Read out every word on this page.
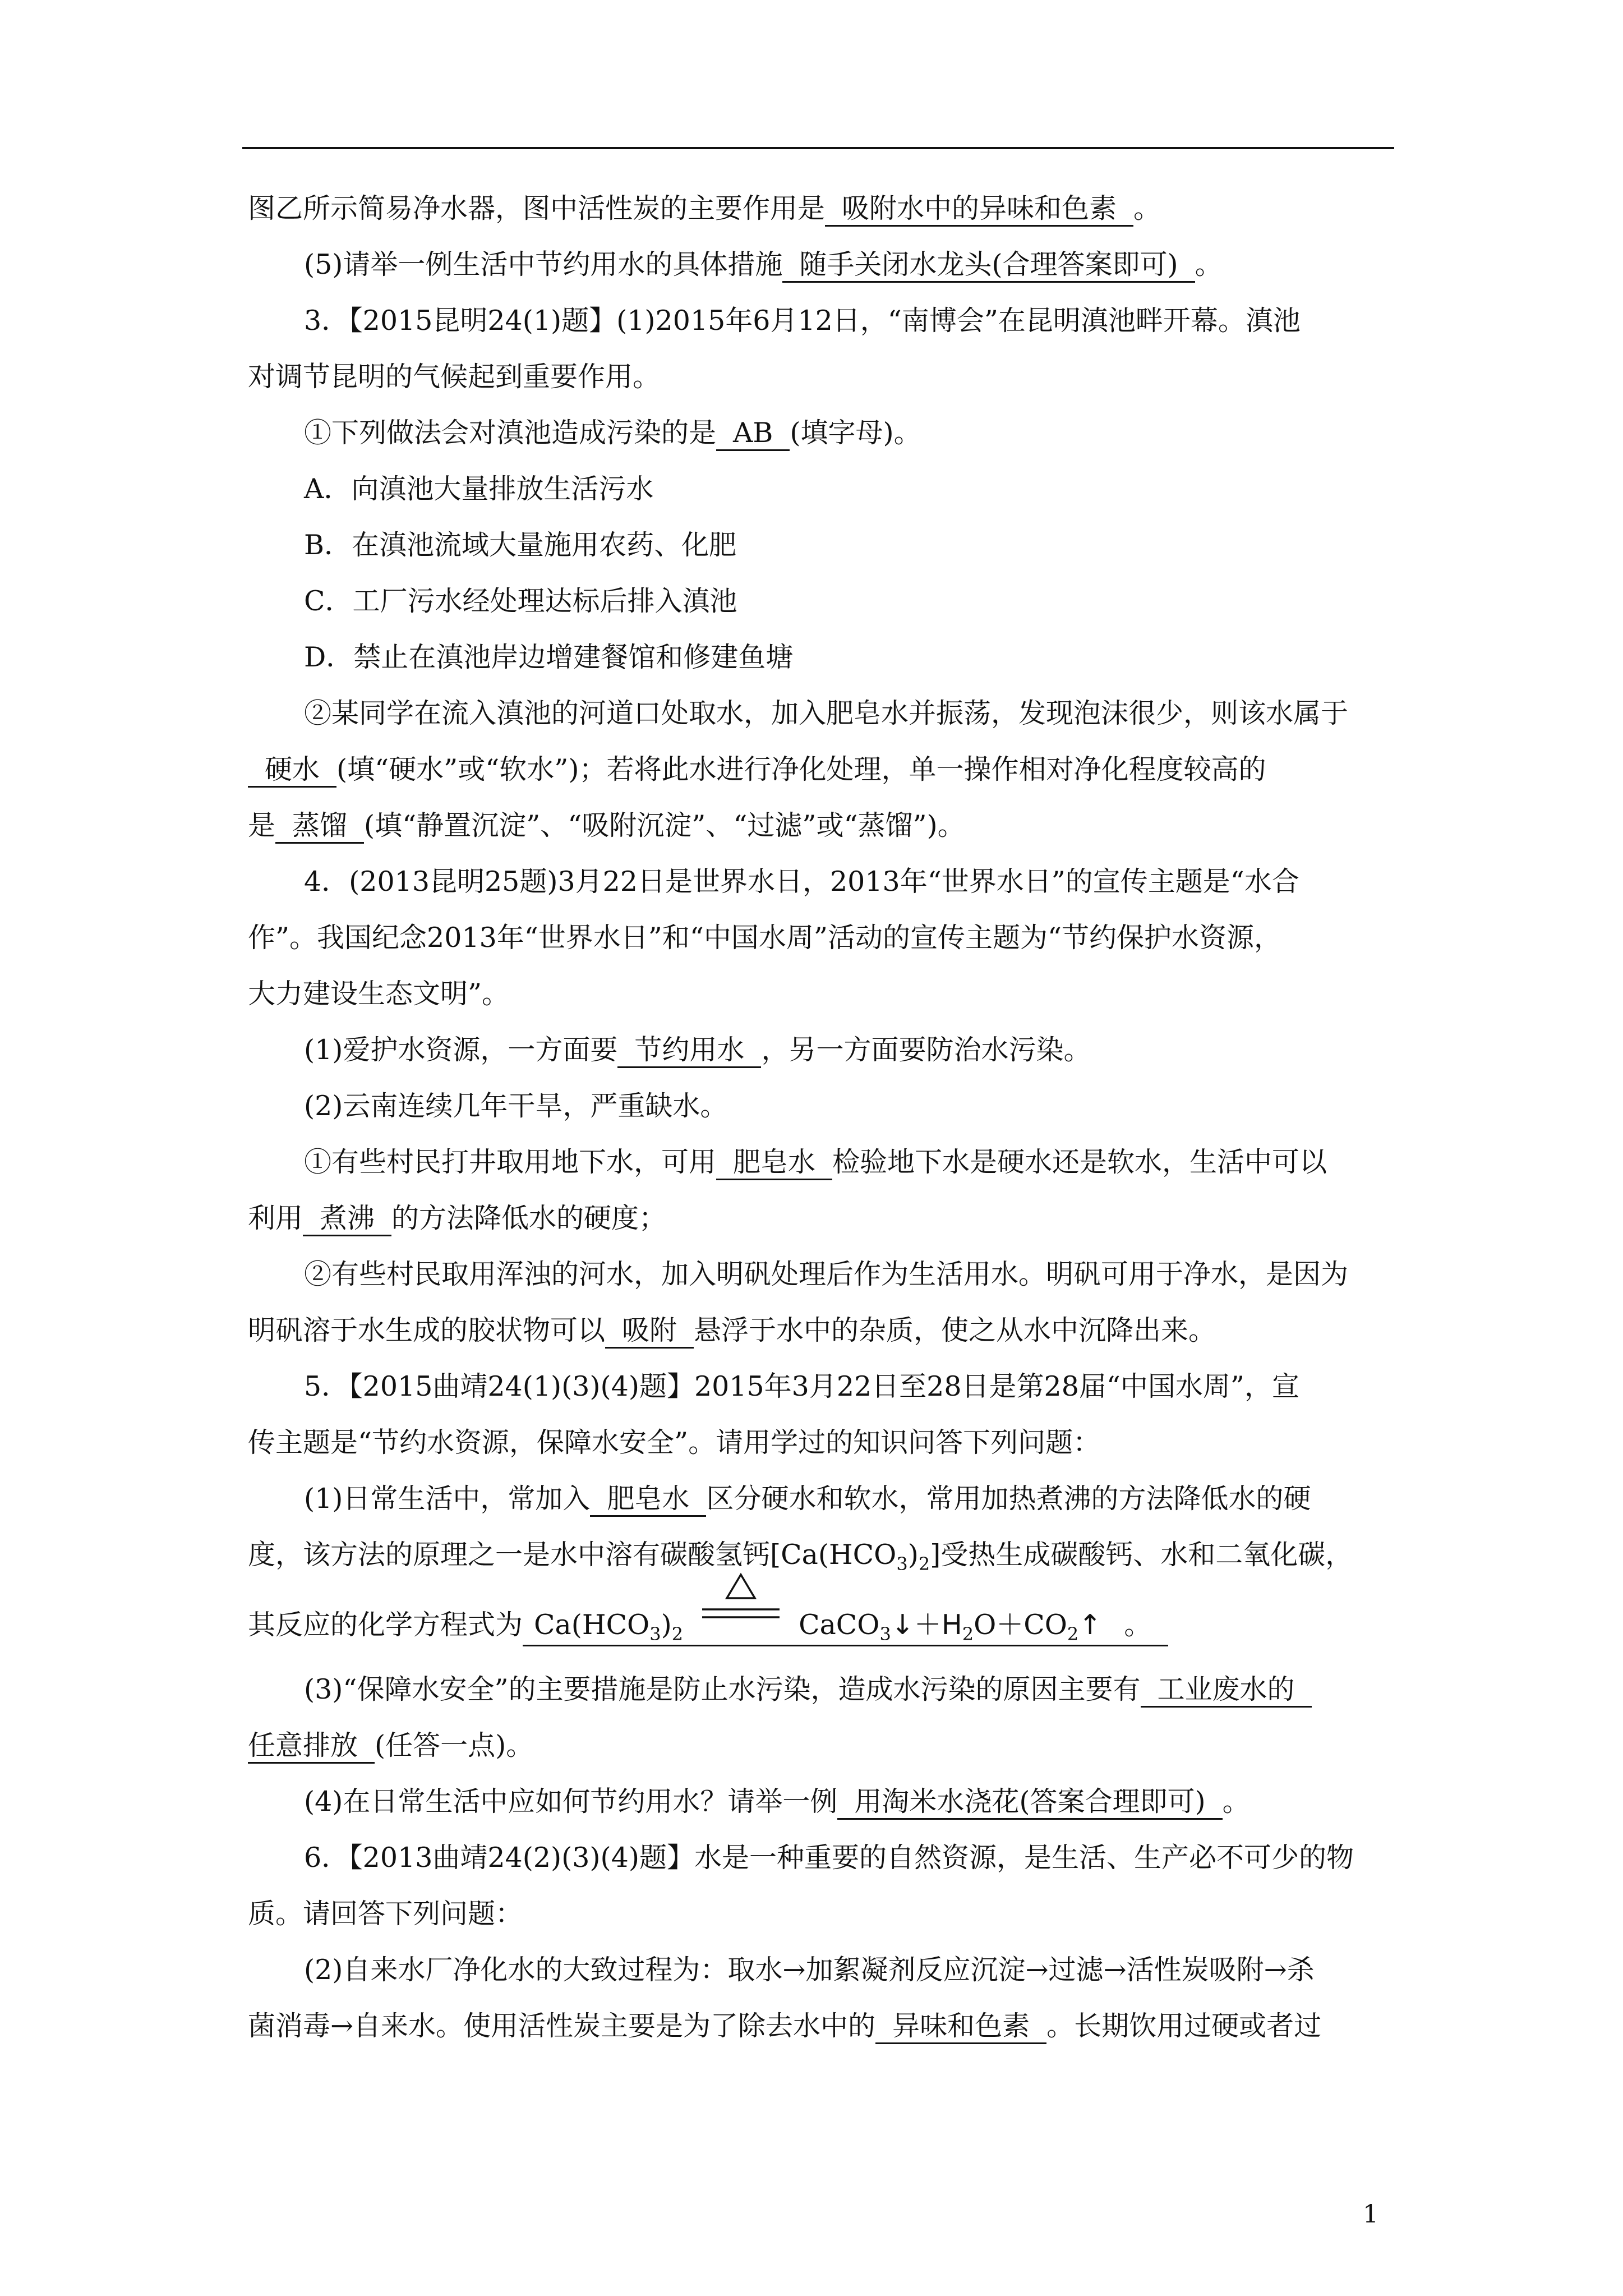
图乙所示简易净水器，图中活性炭的主要作用是 吸附水中的异味和色素 。
(5)请举一例生活中节约用水的具体措施 随手关闭水龙头(合理答案即可) 。
3．【2015昆明24(1)题】(1)2015年6月12日，“南博会”在昆明滇池畔开幕。滇池
对调节昆明的气候起到重要作用。
①下列做法会对滇池造成污染的是 AB (填字母)。
A．向滇池大量排放生活污水
B．在滇池流域大量施用农药、化肥
C．工厂污水经处理达标后排入滇池
D．禁止在滇池岸边增建餐馆和修建鱼塘
②某同学在流入滇池的河道口处取水，加入肥皂水并振荡，发现泡沫很少，则该水属于
硬水 (填“硬水”或“软水”)；若将此水进行净化处理，单一操作相对净化程度较高的
是 蒸馏 (填“静置沉淀”、“吸附沉淀”、“过滤”或“蒸馏”)。
4．(2013昆明25题)3月22日是世界水日，2013年“世界水日”的宣传主题是“水合
作”。我国纪念2013年“世界水日”和“中国水周”活动的宣传主题为“节约保护水资源，
大力建设生态文明”。
(1)爱护水资源，一方面要 节约用水 ，另一方面要防治水污染。
(2)云南连续几年干旱，严重缺水。
①有些村民打井取用地下水，可用 肥皂水 检验地下水是硬水还是软水，生活中可以
利用 煮沸 的方法降低水的硬度；
②有些村民取用浑浊的河水，加入明矾处理后作为生活用水。明矾可用于净水，是因为
明矾溶于水生成的胶状物可以 吸附 悬浮于水中的杂质，使之从水中沉降出来。
5．【2015曲靖24(1)(3)(4)题】2015年3月22日至28日是第28届“中国水周”，宣
传主题是“节约水资源，保障水安全”。请用学过的知识问答下列问题：
(1)日常生活中，常加入 肥皂水 区分硬水和软水，常用加热煮沸的方法降低水的硬
度，该方法的原理之一是水中溶有碳酸氢钙$[Ca(HCO_3)_2]$受热生成碳酸钙、水和二氧化碳，
其反应的化学方程式为 $Ca(HCO_3)_2$	$CaCO_3↓+H_2O+CO_2↑$ 。
(3)“保障水安全”的主要措施是防止水污染，造成水污染的原因主要有 工业废水的
任意排放 (任答一点)。
(4)在日常生活中应如何节约用水？请举一例 用淘米水浇花(答案合理即可) 。
6．【2013曲靖24(2)(3)(4)题】水是一种重要的自然资源，是生活、生产必不可少的物
质。请回答下列问题：
(2)自来水厂净化水的大致过程为：取水→加絮凝剂反应沉淀→过滤→活性炭吸附→杀
菌消毒→自来水。使用活性炭主要是为了除去水中的 异味和色素 。长期饮用过硬或者过
1
